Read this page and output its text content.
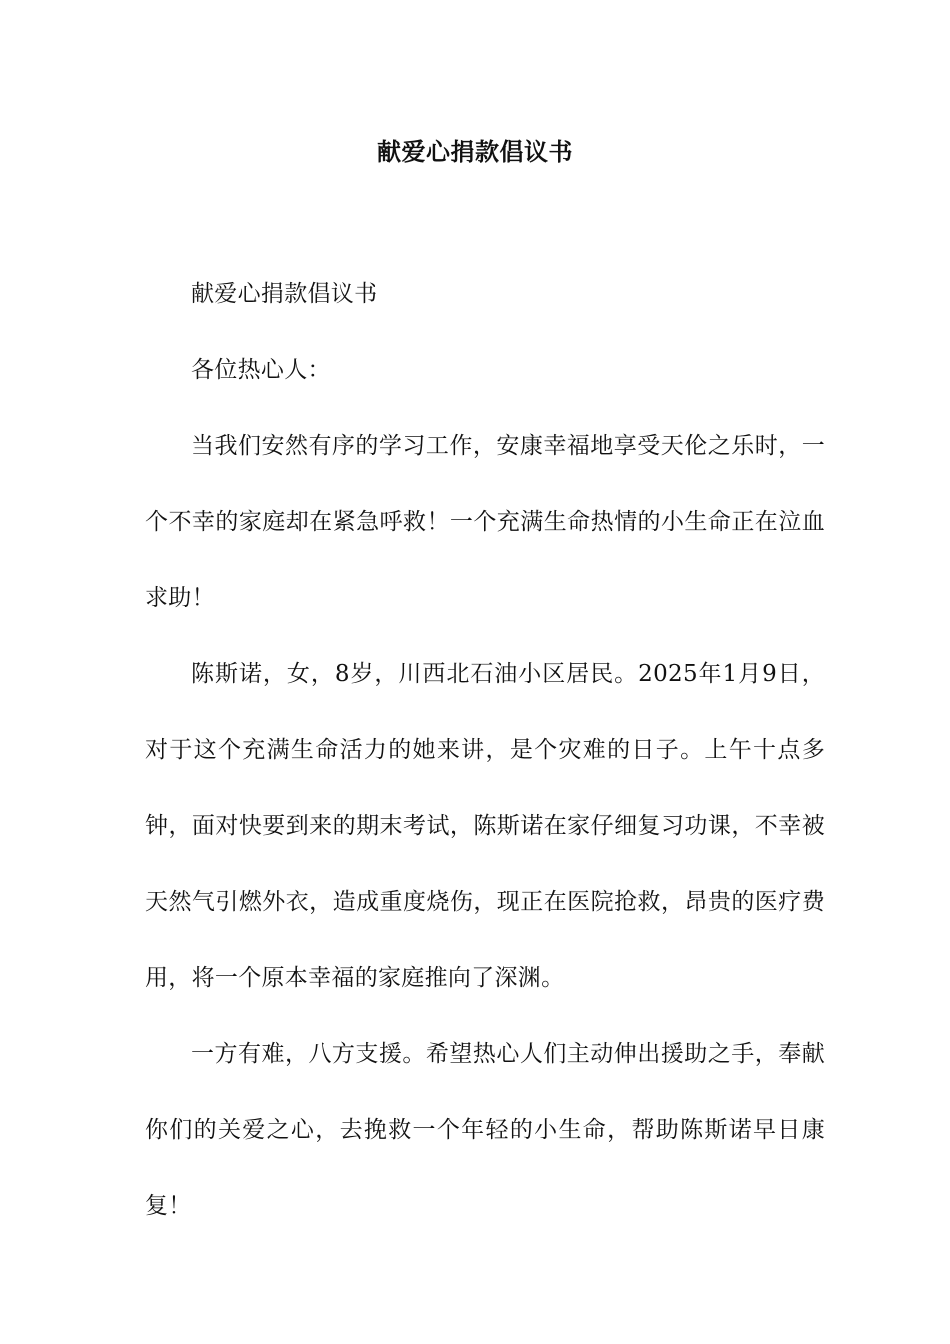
献爱心捐款倡议书

献爱心捐款倡议书

各位热心人：

当我们安然有序的学习工作，安康幸福地享受天伦之乐时，一个不幸的家庭却在紧急呼救！一个充满生命热情的小生命正在泣血求助！

陈斯诺，女，8岁，川西北石油小区居民。2025年1月9日，对于这个充满生命活力的她来讲，是个灾难的日子。上午十点多钟，面对快要到来的期末考试，陈斯诺在家仔细复习功课，不幸被天然气引燃外衣，造成重度烧伤，现正在医院抢救，昂贵的医疗费用，将一个原本幸福的家庭推向了深渊。

一方有难，八方支援。希望热心人们主动伸出援助之手，奉献你们的关爱之心，去挽救一个年轻的小生命，帮助陈斯诺早日康复！
